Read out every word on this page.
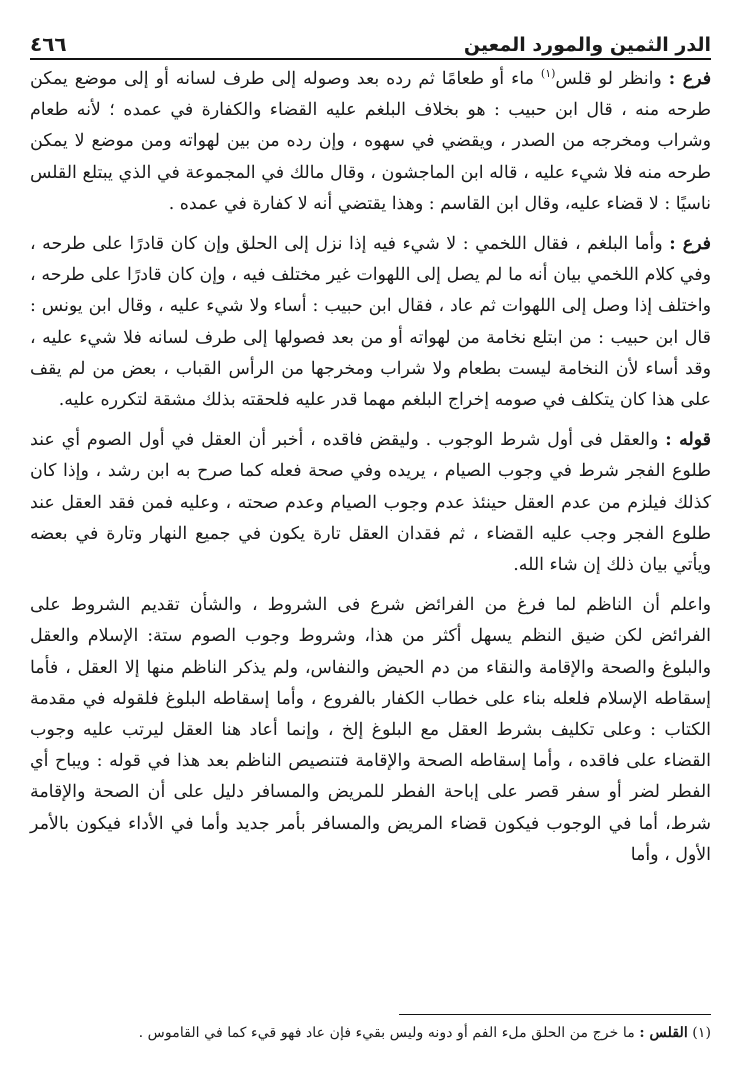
٤٦٦	الدر الثمين والمورد المعين

فرع : وانظر لو قلس$^{(١)}$ ماء أو طعامًا ثم رده بعد وصوله إلى طرف لسانه أو إلى موضع يمكن طرحه منه ، قال ابن حبيب : هو بخلاف البلغم عليه القضاء والكفارة في عمده ؛ لأنه طعام وشراب ومخرجه من الصدر ، ويقضي في سهوه ، وإن رده من بين لهواته ومن موضع لا يمكن طرحه منه فلا شيء عليه ، قاله ابن الماجشون ، وقال مالك في المجموعة في الذي يبتلع القلس ناسيًا : لا قضاء عليه، وقال ابن القاسم : وهذا يقتضي أنه لا كفارة في عمده .

فرع : وأما البلغم ، فقال اللخمي : لا شيء فيه إذا نزل إلى الحلق وإن كان قادرًا على طرحه ، وفي كلام اللخمي بيان أنه ما لم يصل إلى اللهوات غير مختلف فيه ، وإن كان قادرًا على طرحه ، واختلف إذا وصل إلى اللهوات ثم عاد ، فقال ابن حبيب : أساء ولا شيء عليه ، وقال ابن يونس : قال ابن حبيب : من ابتلع نخامة من لهواته أو من بعد فصولها إلى طرف لسانه فلا شيء عليه ، وقد أساء لأن النخامة ليست بطعام ولا شراب ومخرجها من الرأس القباب ، بعض من لم يقف على هذا كان يتكلف في صومه إخراج البلغم مهما قدر عليه فلحقته بذلك مشقة لتكرره عليه.

قوله : والعقل فى أول شرط الوجوب . وليقض فاقده ، أخبر أن العقل في أول الصوم أي عند طلوع الفجر شرط في وجوب الصيام ، يريده وفي صحة فعله كما صرح به ابن رشد ، وإذا كان كذلك فيلزم من عدم العقل حينئذ عدم وجوب الصيام وعدم صحته ، وعليه فمن فقد العقل عند طلوع الفجر وجب عليه القضاء ، ثم فقدان العقل تارة يكون في جميع النهار وتارة في بعضه ويأتي بيان ذلك إن شاء الله.

واعلم أن الناظم لما فرغ من الفرائض شرع فى الشروط ، والشأن تقديم الشروط على الفرائض لكن ضيق النظم يسهل أكثر من هذا، وشروط وجوب الصوم ستة: الإسلام والعقل والبلوغ والصحة والإقامة والنقاء من دم الحيض والنفاس، ولم يذكر الناظم منها إلا العقل ، فأما إسقاطه الإسلام فلعله بناء على خطاب الكفار بالفروع ، وأما إسقاطه البلوغ فلقوله في مقدمة الكتاب : وعلى تكليف بشرط العقل مع البلوغ إلخ ، وإنما أعاد هنا العقل ليرتب عليه وجوب القضاء على فاقده ، وأما إسقاطه الصحة والإقامة فتنصيص الناظم بعد هذا في قوله : ويباح أي الفطر لضر أو سفر قصر على إباحة الفطر للمريض والمسافر دليل على أن الصحة والإقامة شرط، أما في الوجوب فيكون قضاء المريض والمسافر بأمر جديد وأما في الأداء فيكون بالأمر الأول ، وأما

(١) القلس : ما خرج من الحلق ملء الفم أو دونه وليس بقيء فإن عاد فهو قيء كما في القاموس .
